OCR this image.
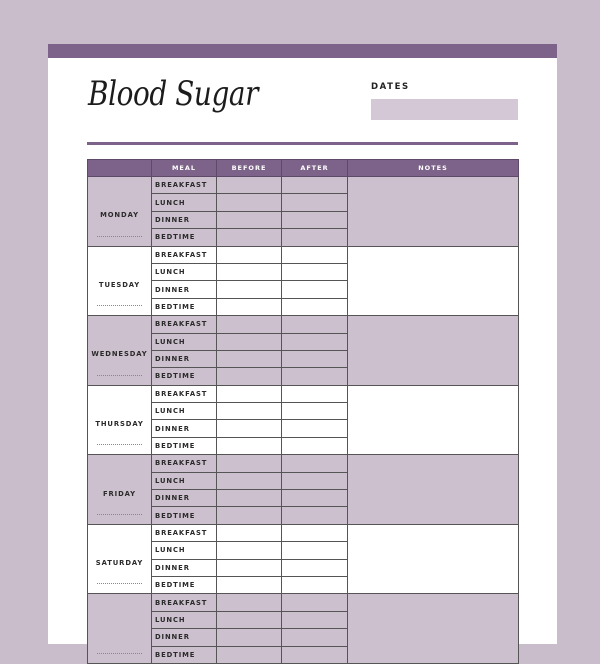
Blood Sugar	DATES
	MEAL	BEFORE	AFTER	NOTES

MONDAY	BREAKFAST			
	LUNCH			
	DINNER			
	BEDTIME			

TUESDAY	BREAKFAST			
	LUNCH			
	DINNER			
	BEDTIME			

WEDNESDAY	BREAKFAST			
	LUNCH			
	DINNER			
	BEDTIME			

THURSDAY	BREAKFAST			
	LUNCH			
	DINNER			
	BEDTIME			

FRIDAY	BREAKFAST			
	LUNCH			
	DINNER			
	BEDTIME			

SATURDAY	BREAKFAST			
	LUNCH			
	DINNER			
	BEDTIME			

	BREAKFAST			
	LUNCH			
	DINNER			
	BEDTIME			
